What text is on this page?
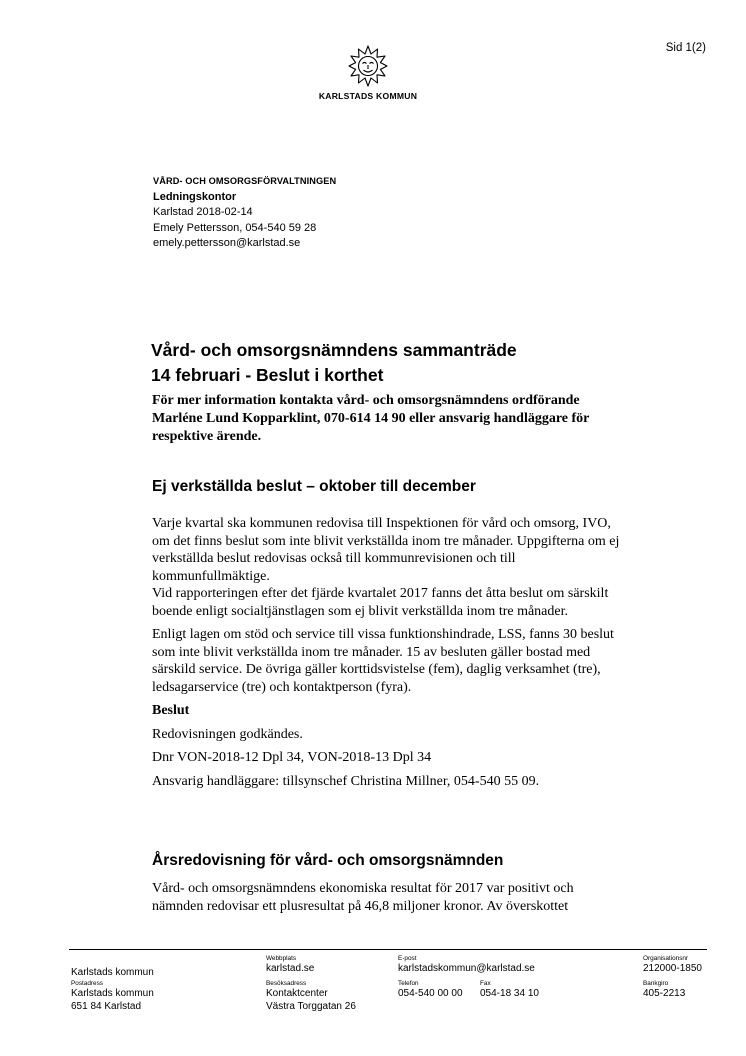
Sid 1(2)
KARLSTADS KOMMUN
VÅRD- OCH OMSORGSFÖRVALTNINGEN
Ledningskontor
Karlstad 2018-02-14
Emely Pettersson, 054-540 59 28
emely.pettersson@karlstad.se
Vård- och omsorgsnämndens sammanträde
14 februari - Beslut i korthet
För mer information kontakta vård- och omsorgsnämndens ordförande Marléne Lund Kopparklint, 070-614 14 90 eller ansvarig handläggare för respektive ärende.
Ej verkställda beslut – oktober till december

Varje kvartal ska kommunen redovisa till Inspektionen för vård och omsorg, IVO, om det finns beslut som inte blivit verkställda inom tre månader. Uppgifterna om ej verkställda beslut redovisas också till kommunrevisionen och till kommunfullmäktige.

Vid rapporteringen efter det fjärde kvartalet 2017 fanns det åtta beslut om särskilt boende enligt socialtjänstlagen som ej blivit verkställda inom tre månader.

Enligt lagen om stöd och service till vissa funktionshindrade, LSS, fanns 30 beslut som inte blivit verkställda inom tre månader. 15 av besluten gäller bostad med särskild service. De övriga gäller korttidsvistelse (fem), daglig verksamhet (tre), ledsagarservice (tre) och kontaktperson (fyra).

Beslut

Redovisningen godkändes.

Dnr VON-2018-12 Dpl 34, VON-2018-13 Dpl 34

Ansvarig handläggare: tillsynschef Christina Millner, 054-540 55 09.

Årsredovisning för vård- och omsorgsnämnden

Vård- och omsorgsnämndens ekonomiska resultat för 2017 var positivt och nämnden redovisar ett plusresultat på 46,8 miljoner kronor. Av överskottet

Karlstads kommun
Webbplats
karlstad.se
E-post
karlstadskommun@karlstad.se
Organisationsnr
212000-1850
Postadress
Karlstads kommun
651 84 Karlstad
Besöksadress
Kontaktcenter
Västra Torggatan 26
Telefon
054-540 00 00
Fax
054-18 34 10
Bankgiro
405-2213
